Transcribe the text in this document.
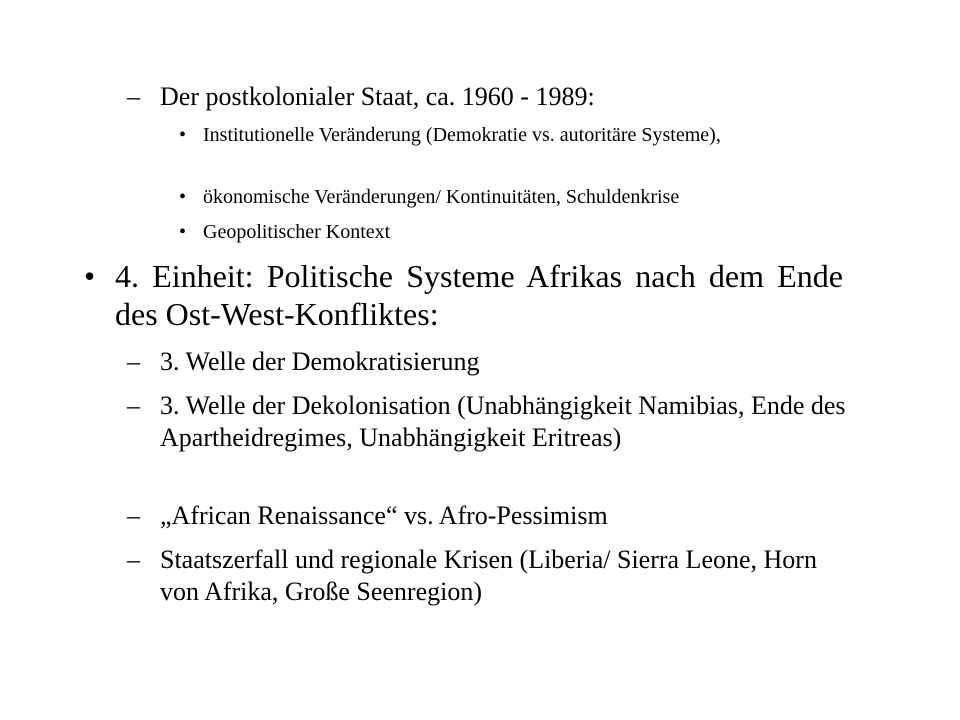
– Der postkolonialer Staat, ca. 1960 - 1989:
• Institutionelle Veränderung (Demokratie vs. autoritäre Systeme),
• ökonomische Veränderungen/ Kontinuitäten, Schuldenkrise
• Geopolitischer Kontext
• 4. Einheit: Politische Systeme Afrikas nach dem Ende des Ost-West-Konfliktes:
– 3. Welle der Demokratisierung
– 3. Welle der Dekolonisation (Unabhängigkeit Namibias, Ende des Apartheidregimes, Unabhängigkeit Eritreas)
– „African Renaissance“ vs. Afro-Pessimism
– Staatszerfall und regionale Krisen (Liberia/ Sierra Leone, Horn von Afrika, Große Seenregion)
